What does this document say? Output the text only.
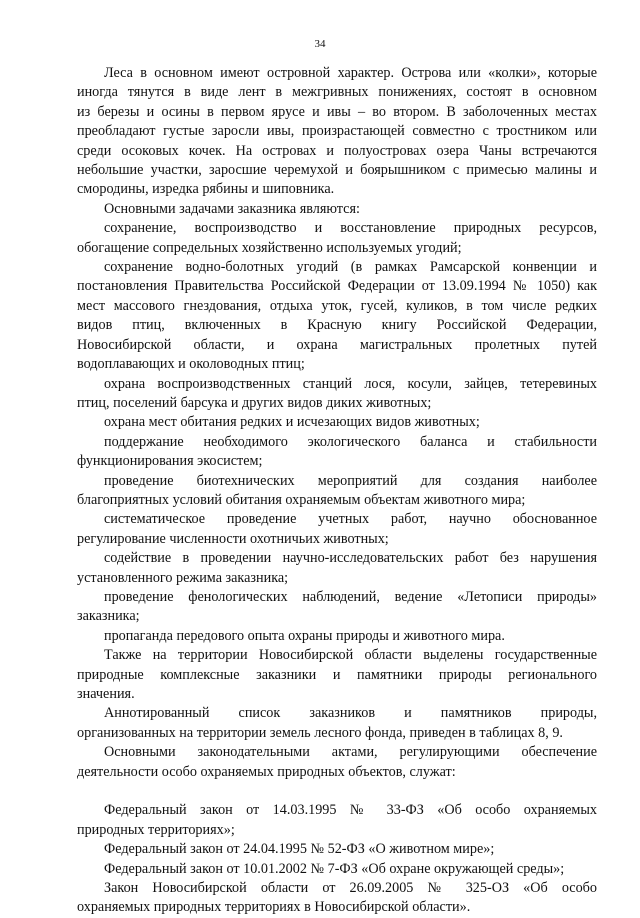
34
Леса в основном имеют островной характер. Острова или «колки», которые
иногда тянутся в виде лент в межгривных понижениях, состоят в основном
из березы и осины в первом ярусе и ивы – во втором. В заболоченных местах
преобладают густые заросли ивы, произрастающей совместно с тростником или
среди осоковых кочек. На островах и полуостровах озера Чаны встречаются
небольшие участки, заросшие черемухой и боярышником с примесью малины и
смородины, изредка рябины и шиповника.
Основными задачами заказника являются:
сохранение, воспроизводство и восстановление природных ресурсов,
обогащение сопредельных хозяйственно используемых угодий;
сохранение водно-болотных угодий (в рамках Рамсарской конвенции и
постановления Правительства Российской Федерации от 13.09.1994 № 1050) как
мест массового гнездования, отдыха уток, гусей, куликов, в том числе редких
видов птиц, включенных в Красную книгу Российской Федерации,
Новосибирской области, и охрана магистральных пролетных путей
водоплавающих и околоводных птиц;
охрана воспроизводственных станций лося, косули, зайцев, тетеревиных
птиц, поселений барсука и других видов диких животных;
охрана мест обитания редких и исчезающих видов животных;
поддержание необходимого экологического баланса и стабильности
функционирования экосистем;
проведение биотехнических мероприятий для создания наиболее
благоприятных условий обитания охраняемым объектам животного мира;
систематическое проведение учетных работ, научно обоснованное
регулирование численности охотничьих животных;
содействие в проведении научно-исследовательских работ без нарушения
установленного режима заказника;
проведение фенологических наблюдений, ведение «Летописи природы»
заказника;
пропаганда передового опыта охраны природы и животного мира.
Также на территории Новосибирской области выделены государственные
природные комплексные заказники и памятники природы регионального
значения.
Аннотированный список заказников и памятников природы,
организованных на территории земель лесного фонда, приведен в таблицах 8, 9.
Основными законодательными актами, регулирующими обеспечение
деятельности особо охраняемых природных объектов, служат:
Федеральный закон от 14.03.1995 № 33-ФЗ «Об особо охраняемых
природных территориях»;
Федеральный закон от 24.04.1995 № 52-ФЗ «О животном мире»;
Федеральный закон от 10.01.2002 № 7-ФЗ «Об охране окружающей среды»;
Закон Новосибирской области от 26.09.2005 № 325-ОЗ «Об особо
охраняемых природных территориях в Новосибирской области».
